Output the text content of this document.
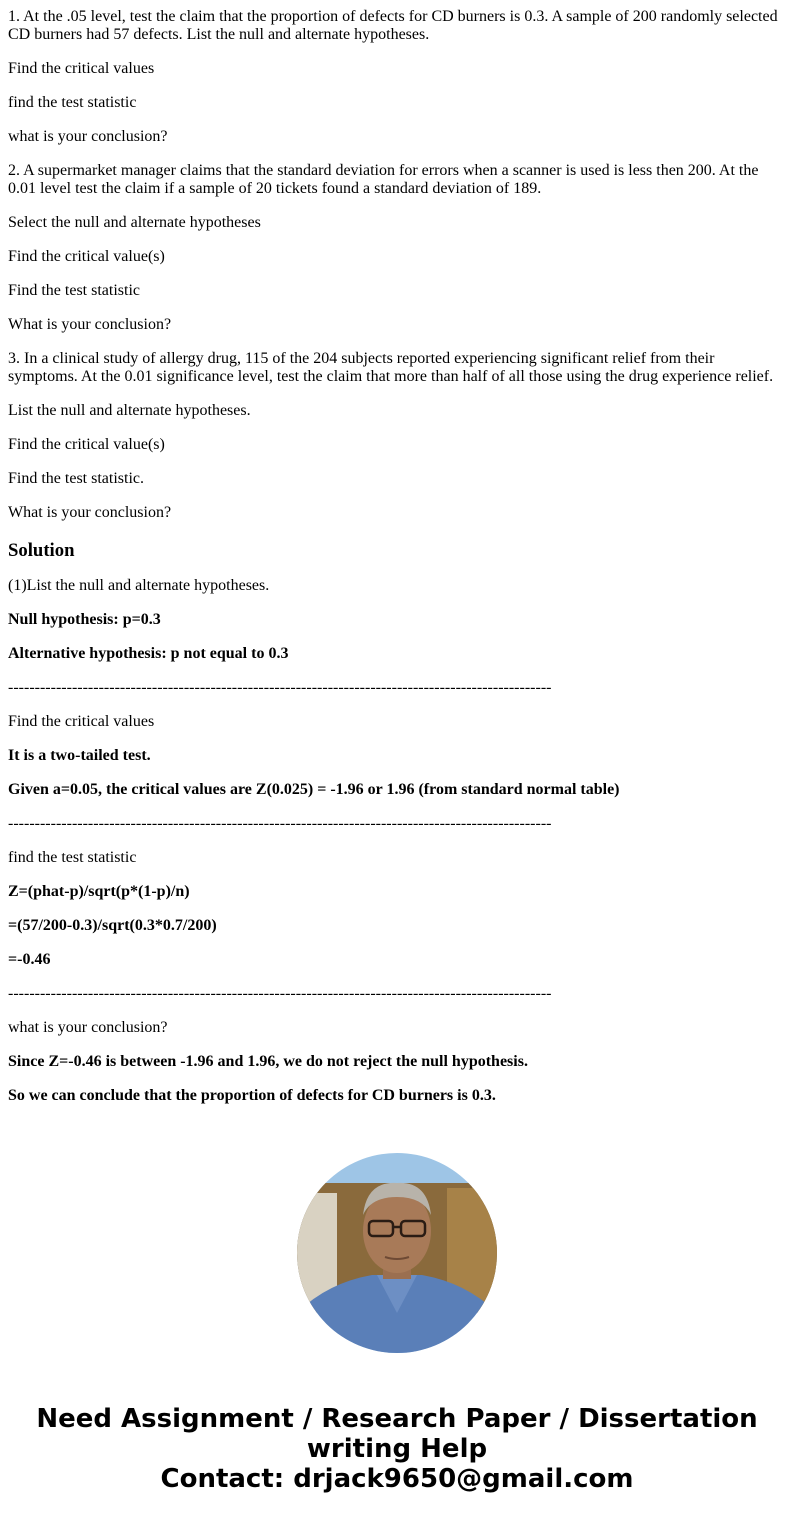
1. At the .05 level, test the claim that the proportion of defects for CD burners is 0.3. A sample of 200 randomly selected CD burners had 57 defects. List the null and alternate hypotheses.

Find the critical values

find the test statistic

what is your conclusion?

2. A supermarket manager claims that the standard deviation for errors when a scanner is used is less then 200. At the 0.01 level test the claim if a sample of 20 tickets found a standard deviation of 189.

Select the null and alternate hypotheses

Find the critical value(s)

Find the test statistic

What is your conclusion?

3. In a clinical study of allergy drug, 115 of the 204 subjects reported experiencing significant relief from their symptoms. At the 0.01 significance level, test the claim that more than half of all those using the drug experience relief.

List the null and alternate hypotheses.

Find the critical value(s)

Find the test statistic.

What is your conclusion?

Solution

(1)List the null and alternate hypotheses.

Null hypothesis: p=0.3

Alternative hypothesis: p not equal to 0.3

------------------------------------------------------------------------------------------------------

Find the critical values

It is a two-tailed test.

Given a=0.05, the critical values are Z(0.025) = -1.96 or 1.96 (from standard normal table)

------------------------------------------------------------------------------------------------------

find the test statistic

Z=(phat-p)/sqrt(p*(1-p)/n)

=(57/200-0.3)/sqrt(0.3*0.7/200)

=-0.46

------------------------------------------------------------------------------------------------------

what is your conclusion?

Since Z=-0.46 is between -1.96 and 1.96, we do not reject the null hypothesis.

So we can conclude that the proportion of defects for CD burners is 0.3.

Need Assignment / Research Paper / Dissertation
writing Help
Contact: drjack9650@gmail.com
